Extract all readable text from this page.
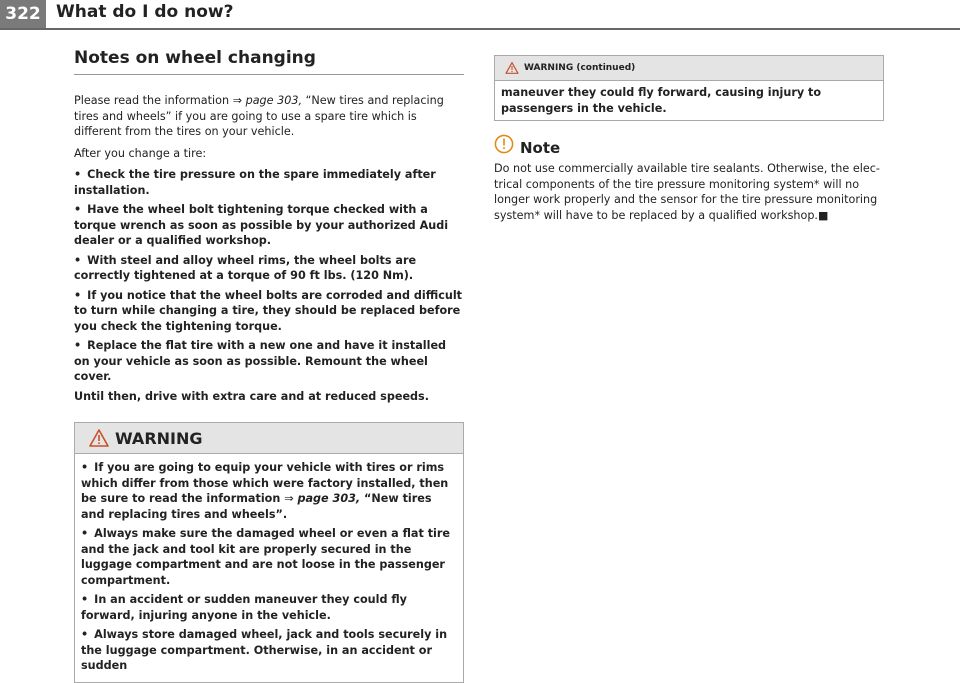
322 What do I do now?
Notes on wheel changing

Please read the information ⇒ page 303, “New tires and replacing tires and wheels” if you are going to use a spare tire which is different from the tires on your vehicle.

After you change a tire:

• Check the tire pressure on the spare immediately after installation.
• Have the wheel bolt tightening torque checked with a torque wrench as soon as possible by your authorized Audi dealer or a qualified workshop.
• With steel and alloy wheel rims, the wheel bolts are correctly tightened at a torque of 90 ft lbs. (120 Nm).
• If you notice that the wheel bolts are corroded and difficult to turn while changing a tire, they should be replaced before you check the tightening torque.
• Replace the flat tire with a new one and have it installed on your vehicle as soon as possible. Remount the wheel cover.

Until then, drive with extra care and at reduced speeds.

WARNING
• If you are going to equip your vehicle with tires or rims which differ from those which were factory installed, then be sure to read the information ⇒ page 303, “New tires and replacing tires and wheels”.
• Always make sure the damaged wheel or even a flat tire and the jack and tool kit are properly secured in the luggage compartment and are not loose in the passenger compartment.
• In an accident or sudden maneuver they could fly forward, injuring anyone in the vehicle.
• Always store damaged wheel, jack and tools securely in the luggage compartment. Otherwise, in an accident or sudden
WARNING (continued)
maneuver they could fly forward, causing injury to passengers in the vehicle.
Note

Do not use commercially available tire sealants. Otherwise, the electrical components of the tire pressure monitoring system* will no longer work properly and the sensor for the tire pressure monitoring system* will have to be replaced by a qualified workshop.■
